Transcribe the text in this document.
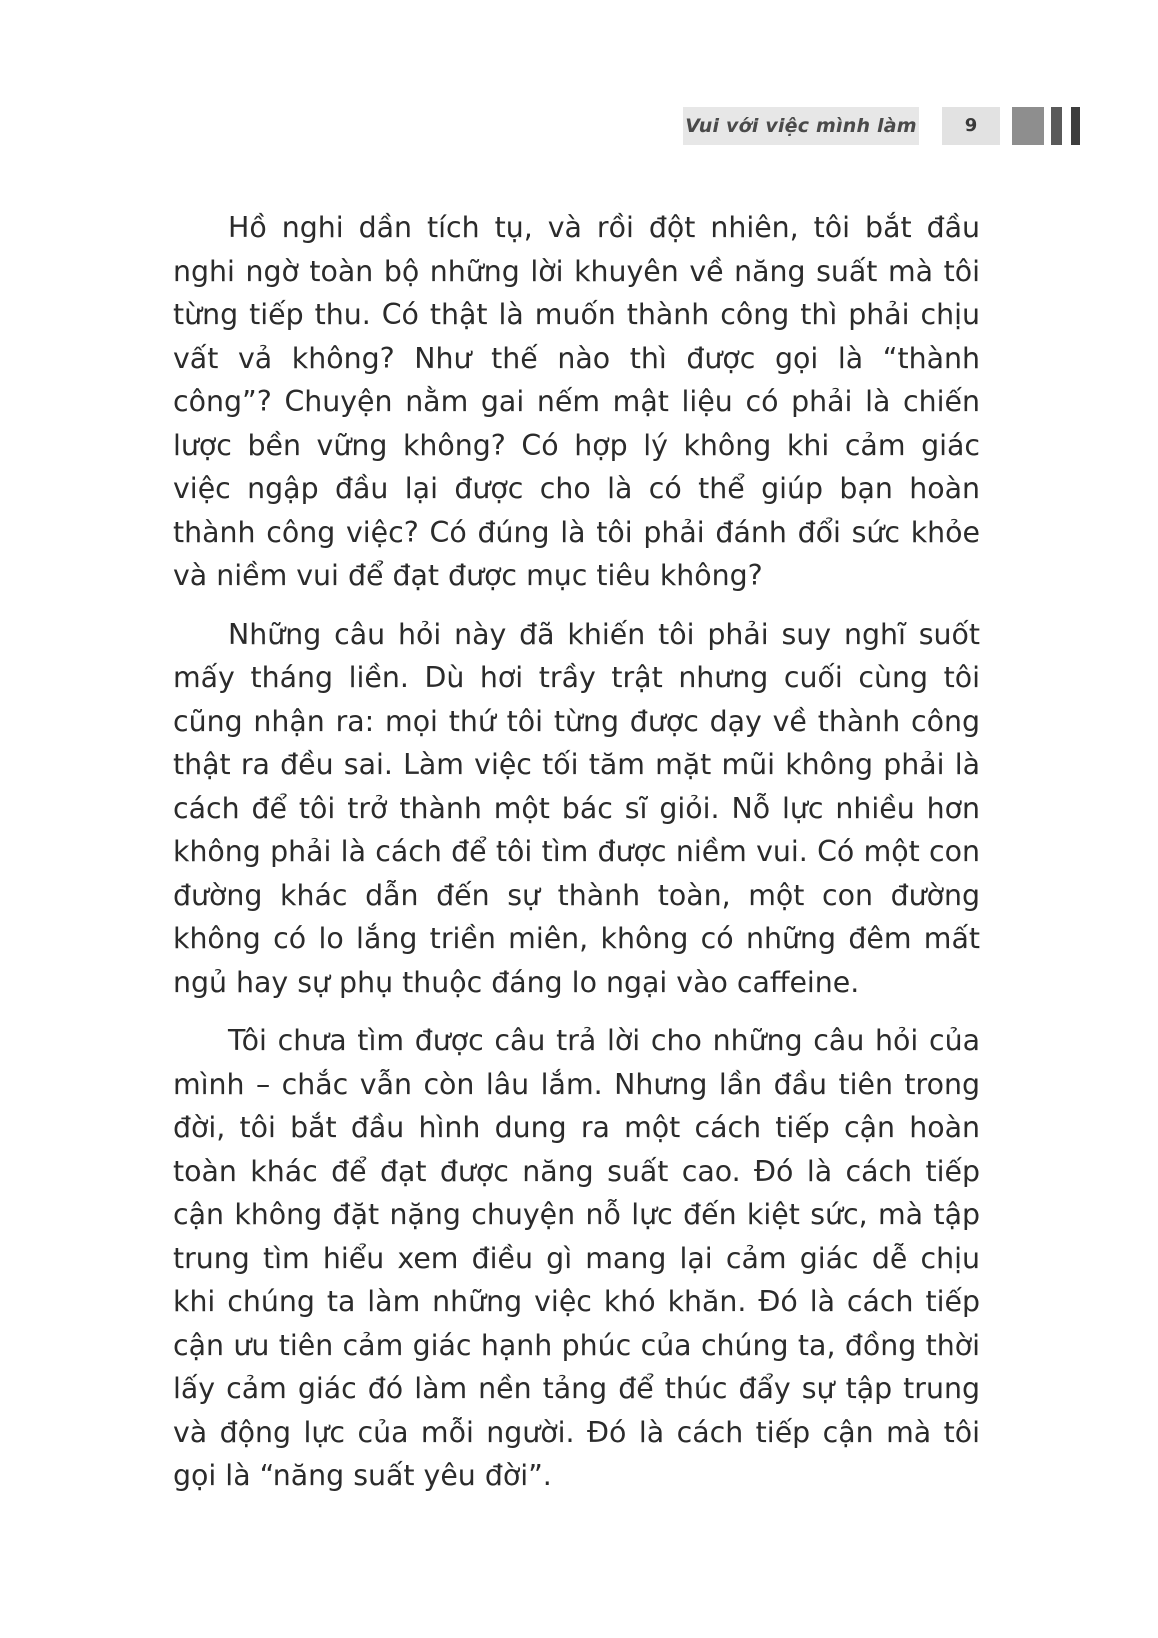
Vui với việc mình làm	9

Hồ nghi dần tích tụ, và rồi đột nhiên, tôi bắt đầu nghi ngờ toàn bộ những lời khuyên về năng suất mà tôi từng tiếp thu. Có thật là muốn thành công thì phải chịu vất vả không? Như thế nào thì được gọi là “thành công”? Chuyện nằm gai nếm mật liệu có phải là chiến lược bền vững không? Có hợp lý không khi cảm giác việc ngập đầu lại được cho là có thể giúp bạn hoàn thành công việc? Có đúng là tôi phải đánh đổi sức khỏe và niềm vui để đạt được mục tiêu không?

Những câu hỏi này đã khiến tôi phải suy nghĩ suốt mấy tháng liền. Dù hơi trầy trật nhưng cuối cùng tôi cũng nhận ra: mọi thứ tôi từng được dạy về thành công thật ra đều sai. Làm việc tối tăm mặt mũi không phải là cách để tôi trở thành một bác sĩ giỏi. Nỗ lực nhiều hơn không phải là cách để tôi tìm được niềm vui. Có một con đường khác dẫn đến sự thành toàn, một con đường không có lo lắng triền miên, không có những đêm mất ngủ hay sự phụ thuộc đáng lo ngại vào caffeine.

Tôi chưa tìm được câu trả lời cho những câu hỏi của mình – chắc vẫn còn lâu lắm. Nhưng lần đầu tiên trong đời, tôi bắt đầu hình dung ra một cách tiếp cận hoàn toàn khác để đạt được năng suất cao. Đó là cách tiếp cận không đặt nặng chuyện nỗ lực đến kiệt sức, mà tập trung tìm hiểu xem điều gì mang lại cảm giác dễ chịu khi chúng ta làm những việc khó khăn. Đó là cách tiếp cận ưu tiên cảm giác hạnh phúc của chúng ta, đồng thời lấy cảm giác đó làm nền tảng để thúc đẩy sự tập trung và động lực của mỗi người. Đó là cách tiếp cận mà tôi gọi là “năng suất yêu đời”.
